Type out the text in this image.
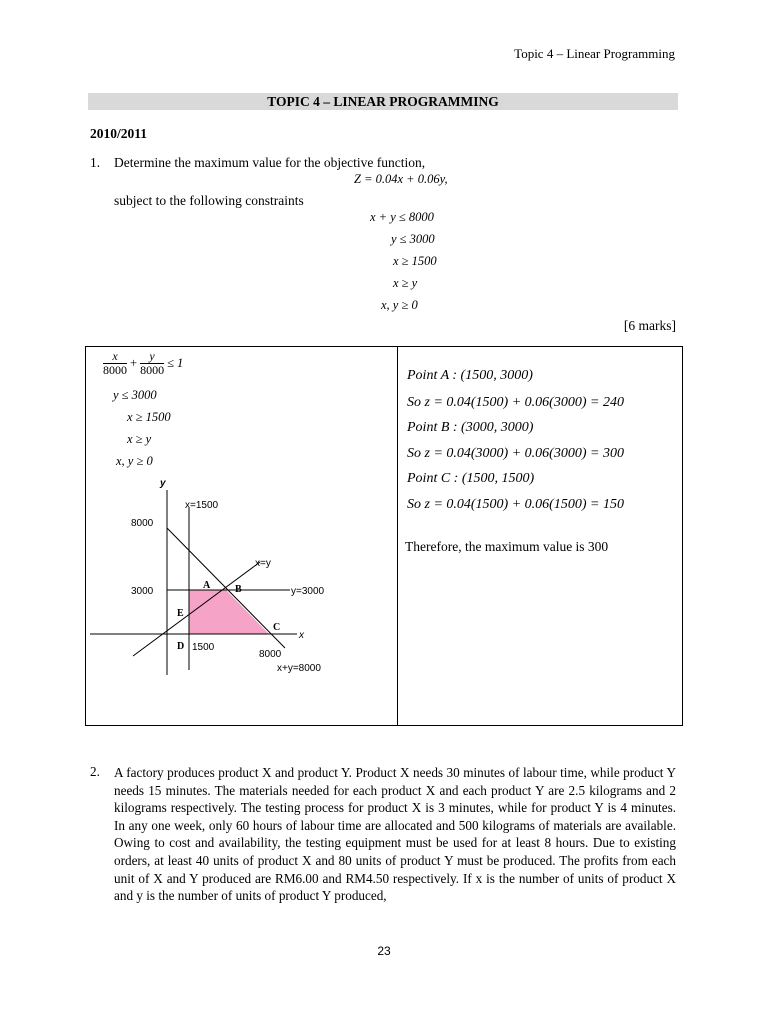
Topic 4 – Linear Programming
TOPIC 4 – LINEAR PROGRAMMING
2010/2011
1. Determine the maximum value for the objective function,
Z = 0.04x + 0.06y,
subject to the following constraints
x + y ≤ 8000
y ≤ 3000
x ≥ 1500
x ≥ y
x, y ≥ 0
[6 marks]
$\frac{x}{8000} + \frac{y}{8000} \le 1$
y ≤ 3000
x ≥ 1500
x ≥ y
x, y ≥ 0
y
x
x=1500
8000
x=y
3000	y=3000
A B
C
D
E
1500
8000
x+y=8000
Point A : (1500, 3000)
So z = 0.04(1500) + 0.06(3000) = 240
Point B : (3000, 3000)
So z = 0.04(3000) + 0.06(3000) = 300
Point C : (1500, 1500)
So z = 0.04(1500) + 0.06(1500) = 150
Therefore, the maximum value is 300
2. A factory produces product X and product Y. Product X needs 30 minutes of labour time, while product Y needs 15 minutes. The materials needed for each product X and each product Y are 2.5 kilograms and 2 kilograms respectively. The testing process for product X is 3 minutes, while for product Y is 4 minutes. In any one week, only 60 hours of labour time are allocated and 500 kilograms of materials are available. Owing to cost and availability, the testing equipment must be used for at least 8 hours. Due to existing orders, at least 40 units of product X and 80 units of product Y must be produced. The profits from each unit of X and Y produced are RM6.00 and RM4.50 respectively. If x is the number of units of product X and y is the number of units of product Y produced,
23
